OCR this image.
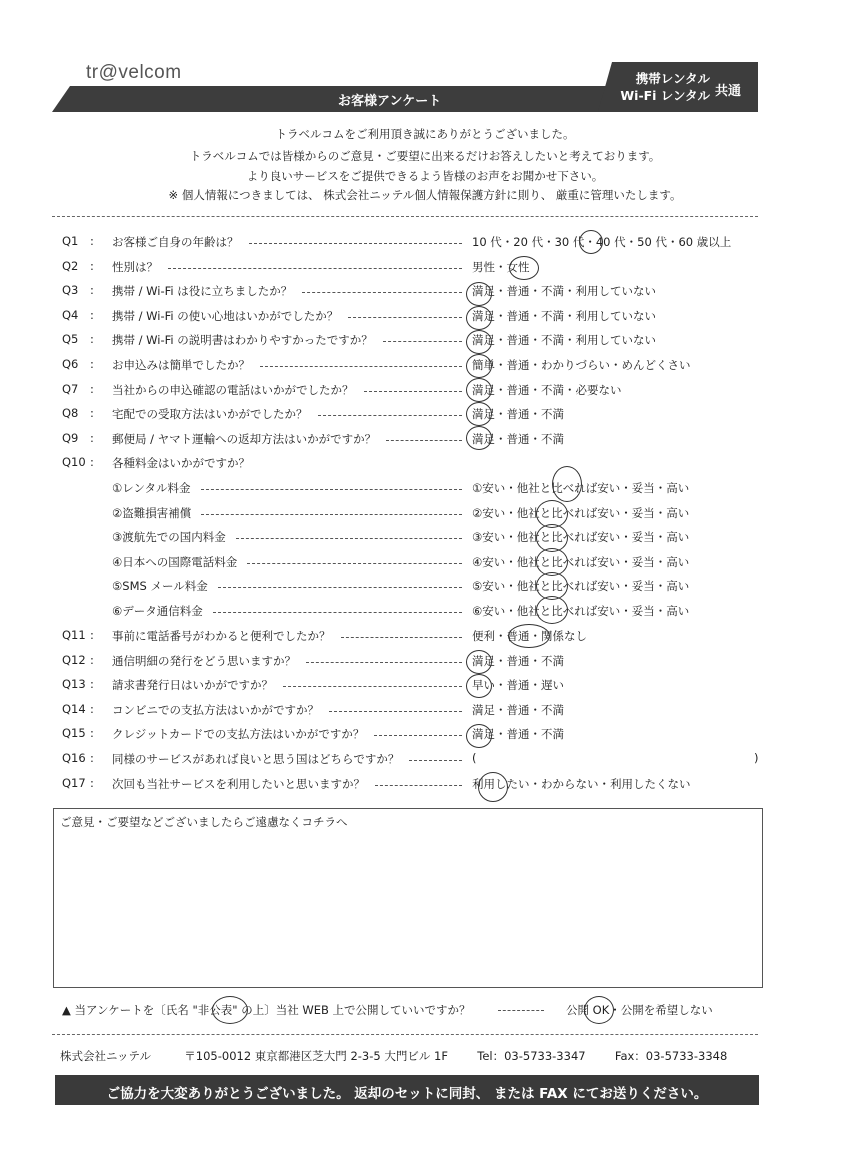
tr@velcom
お客様アンケート
携帯レンタル
Wi-Fi レンタル 共通
トラベルコムをご利用頂き誠にありがとうございました。
トラベルコムでは皆様からのご意見・ご要望に出来るだけお答えしたいと考えております。
より良いサービスをご提供できるよう皆様のお声をお聞かせ下さい。
※ 個人情報につきましては、 株式会社ニッテル個人情報保護方針に則り、 厳重に管理いたします。
Q1	: お客様ご自身の年齢は？	10 代・20 代・30 代・40 代・50 代・60 歳以上
Q2	: 性別は？	男性・女性
Q3	: 携帯 / Wi-Fi は役に立ちましたか？	満足・普通・不満・利用していない
Q4	: 携帯 / Wi-Fi の使い心地はいかがでしたか？	満足・普通・不満・利用していない
Q5	: 携帯 / Wi-Fi の説明書はわかりやすかったですか？	満足・普通・不満・利用していない
Q6	: お申込みは簡単でしたか？	簡単・普通・わかりづらい・めんどくさい
Q7	: 当社からの申込確認の電話はいかがでしたか？	満足・普通・不満・必要ない
Q8	: 宅配での受取方法はいかがでしたか？	満足・普通・不満
Q9	: 郵便局 / ヤマト運輸への返却方法はいかがですか？	満足・普通・不満
Q10 : 各種料金はいかがですか？
①レンタル料金	①安い・他社と比べれば安い・妥当・高い
②盗難損害補償	②安い・他社と比べれば安い・妥当・高い
③渡航先での国内料金	③安い・他社と比べれば安い・妥当・高い
④日本への国際電話料金	④安い・他社と比べれば安い・妥当・高い
⑤SMS メール料金	⑤安い・他社と比べれば安い・妥当・高い
⑥データ通信料金	⑥安い・他社と比べれば安い・妥当・高い
Q11 : 事前に電話番号がわかると便利でしたか？	便利・普通・関係なし
Q12 : 通信明細の発行をどう思いますか？	満足・普通・不満
Q13 : 請求書発行日はいかがですか？	早い・普通・遅い
Q14 : コンビニでの支払方法はいかがですか？	満足・普通・不満
Q15 : クレジットカードでの支払方法はいかがですか？	満足・普通・不満
Q16 : 同様のサービスがあれば良いと思う国はどちらですか？	(	)
Q17 : 次回も当社サービスを利用したいと思いますか？	利用したい・わからない・利用したくない
ご意見・ご要望などございましたらご遠慮なくコチラへ
▲ 当アンケートを〔氏名 "非公表" の上〕当社 WEB 上で公開していいですか？	公開 OK・公開を希望しない
株式会社ニッテル	〒105-0012 東京都港区芝大門 2-3-5 大門ビル 1F	Tel：03-5733-3347	Fax：03-5733-3348
ご協力を大変ありがとうございました。 返却のセットに同封、 または FAX にてお送りください。
